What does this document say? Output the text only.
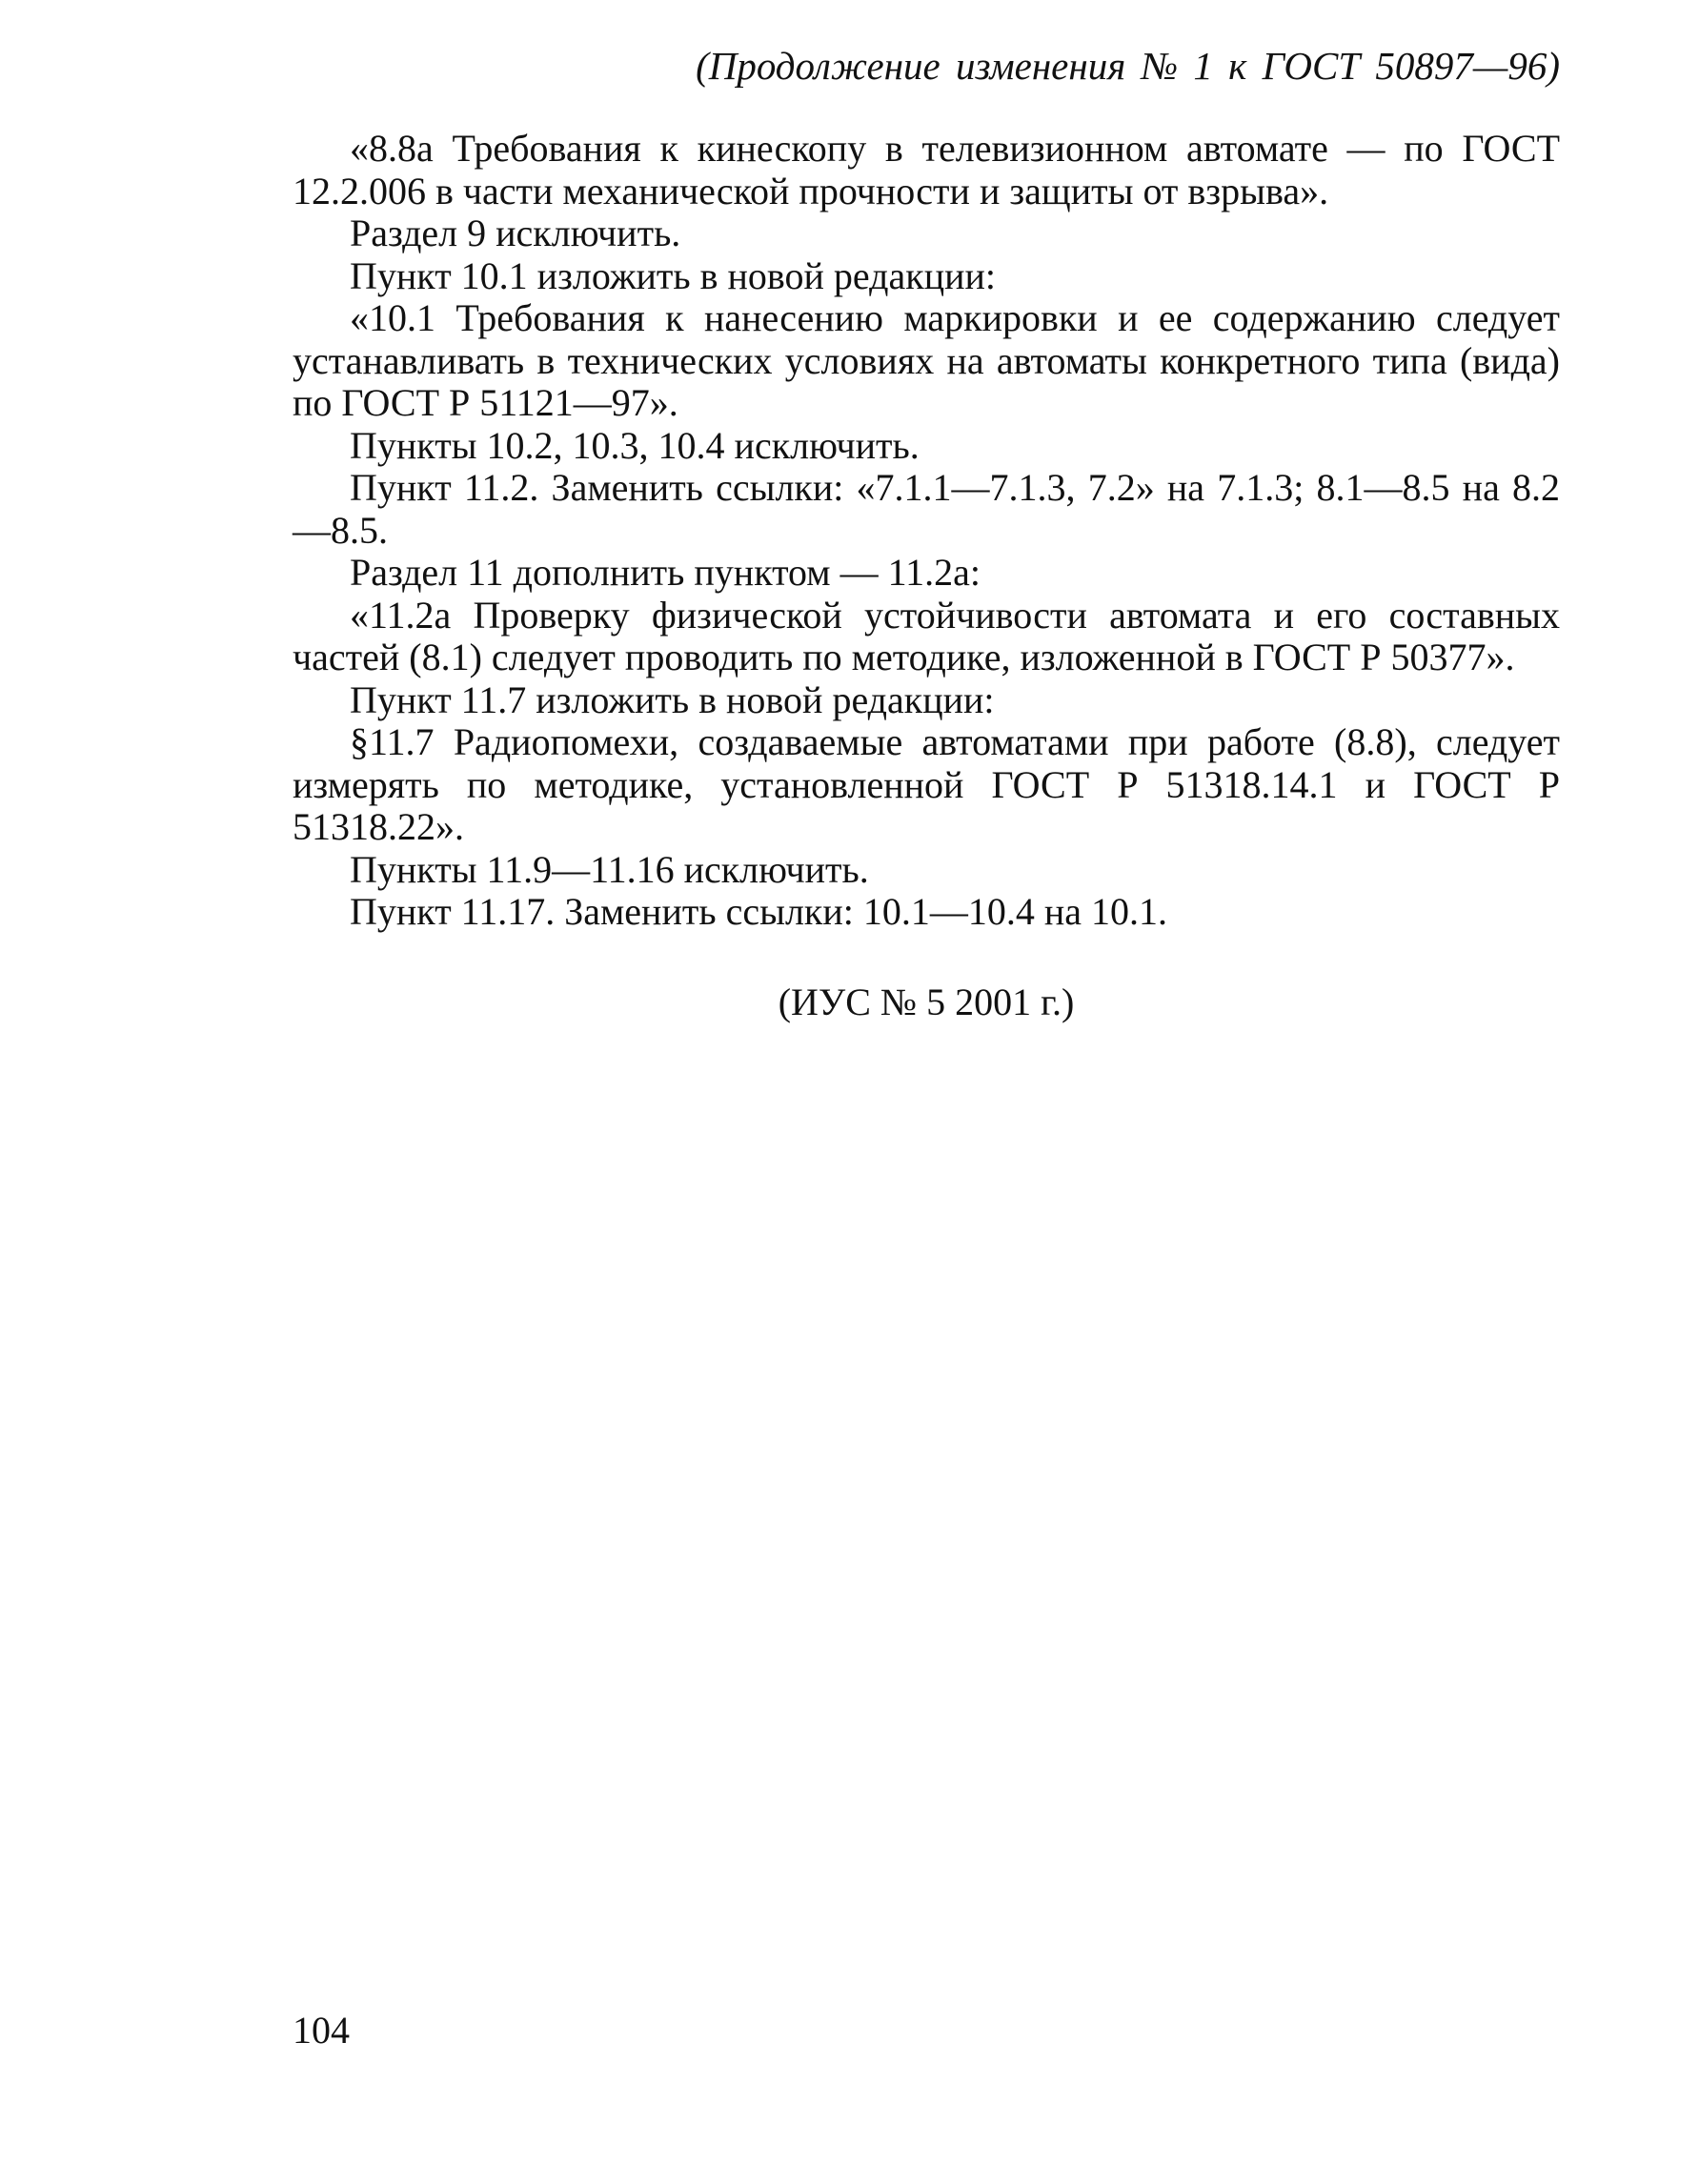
(Продолжение изменения № 1 к ГОСТ 50897—96)

«8.8а Требования к кинескопу в телевизионном автомате — по ГОСТ 12.2.006 в части механической прочности и защиты от взрыва».

Раздел 9 исключить.

Пункт 10.1 изложить в новой редакции:

«10.1 Требования к нанесению маркировки и ее содержанию следует устанавливать в технических условиях на автоматы конкретного типа (вида) по ГОСТ Р 51121—97».

Пункты 10.2, 10.3, 10.4 исключить.

Пункт 11.2. Заменить ссылки: «7.1.1—7.1.3, 7.2» на 7.1.3; 8.1—8.5 на 8.2—8.5.

Раздел 11 дополнить пунктом — 11.2а:

«11.2а Проверку физической устойчивости автомата и его составных частей (8.1) следует проводить по методике, изложенной в ГОСТ Р 50377».

Пункт 11.7 изложить в новой редакции:

§11.7 Радиопомехи, создаваемые автоматами при работе (8.8), следует измерять по методике, установленной ГОСТ Р 51318.14.1 и ГОСТ Р 51318.22».

Пункты 11.9—11.16 исключить.

Пункт 11.17. Заменить ссылки: 10.1—10.4 на 10.1.

(ИУС № 5 2001 г.)
104
